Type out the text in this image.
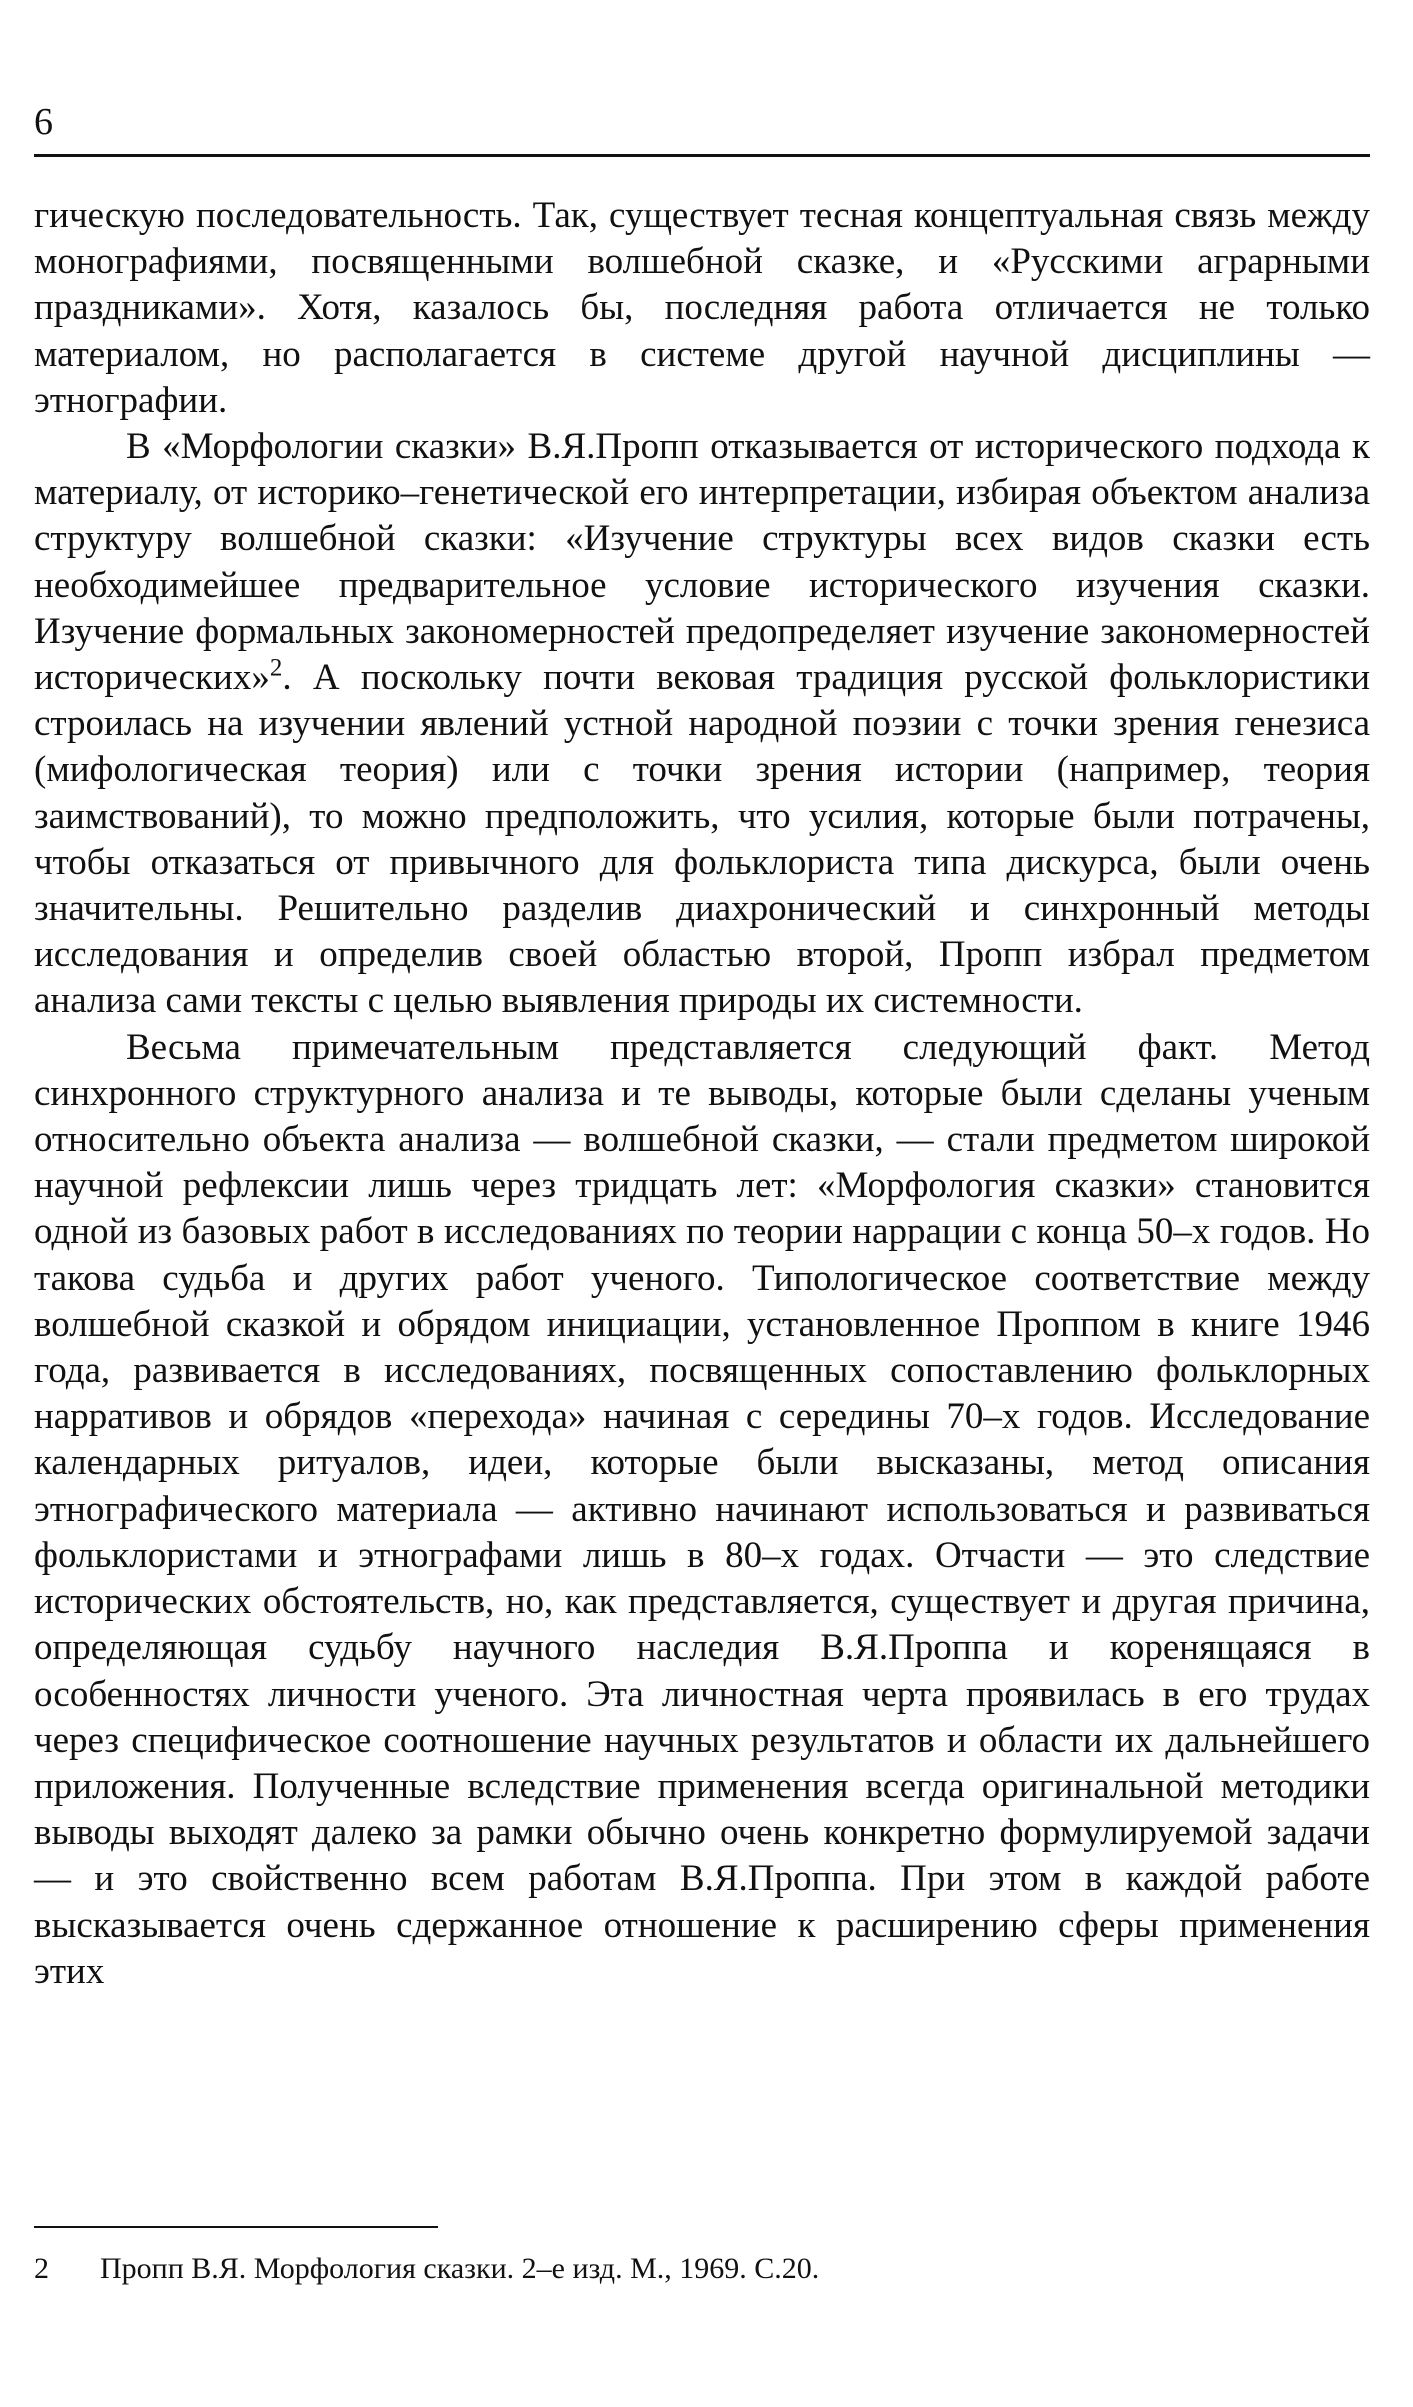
6

гическую последовательность. Так, существует тесная концептуальная связь между монографиями, посвященными волшебной сказке, и «Русскими аграрными праздниками». Хотя, казалось бы, последняя работа отличается не только материалом, но располагается в системе другой научной дисциплины — этнографии.

В «Морфологии сказки» В.Я.Пропп отказывается от исторического подхода к материалу, от историко–генетической его интерпретации, избирая объектом анализа структуру волшебной сказки: «Изучение структуры всех видов сказки есть необходимейшее предварительное условие исторического изучения сказки. Изучение формальных закономерностей предопределяет изучение закономерностей исторических»$^2$. А поскольку почти вековая традиция русской фольклористики строилась на изучении явлений устной народной поэзии с точки зрения генезиса (мифологическая теория) или с точки зрения истории (например, теория заимствований), то можно предположить, что усилия, которые были потрачены, чтобы отказаться от привычного для фольклориста типа дискурса, были очень значительны. Решительно разделив диахронический и синхронный методы исследования и определив своей областью второй, Пропп избрал предметом анализа сами тексты с целью выявления природы их системности.

Весьма примечательным представляется следующий факт. Метод синхронного структурного анализа и те выводы, которые были сделаны ученым относительно объекта анализа — волшебной сказки, — стали предметом широкой научной рефлексии лишь через тридцать лет: «Морфология сказки» становится одной из базовых работ в исследованиях по теории наррации с конца 50–х годов. Но такова судьба и других работ ученого. Типологическое соответствие между волшебной сказкой и обрядом инициации, установленное Проппом в книге 1946 года, развивается в исследованиях, посвященных сопоставлению фольклорных нарративов и обрядов «перехода» начиная с середины 70–х годов. Исследование календарных ритуалов, идеи, которые были высказаны, метод описания этнографического материала — активно начинают использоваться и развиваться фольклористами и этнографами лишь в 80–х годах. Отчасти — это следствие исторических обстоятельств, но, как представляется, существует и другая причина, определяющая судьбу научного наследия В.Я.Проппа и коренящаяся в особенностях личности ученого. Эта личностная черта проявилась в его трудах через специфическое соотношение научных результатов и области их дальнейшего приложения. Полученные вследствие применения всегда оригинальной методики выводы выходят далеко за рамки обычно очень конкретно формулируемой задачи — и это свойственно всем работам В.Я.Проппа. При этом в каждой работе высказывается очень сдержанное отношение к расширению сферы применения этих

2 Пропп В.Я. Морфология сказки. 2–е изд. М., 1969. С.20.
